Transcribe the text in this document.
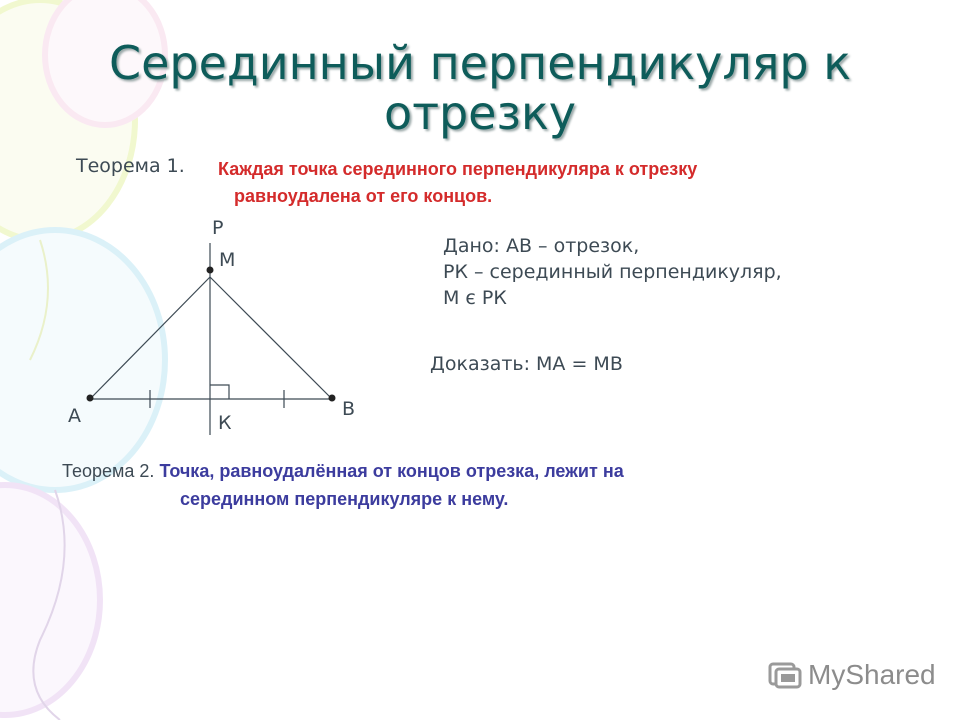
Серединный перпендикуляр к отрезку
Теорема 1. Каждая точка серединного перпендикуляра к отрезку
равноудалена от его концов.
Р
М
А	В
К
Дано: АВ – отрезок,
РК – серединный перпендикуляр,
М є РК
Доказать: МА = МВ
Теорема 2. Точка, равноудалённая от концов отрезка, лежит на
серединном перпендикуляре к нему.
MyShared
